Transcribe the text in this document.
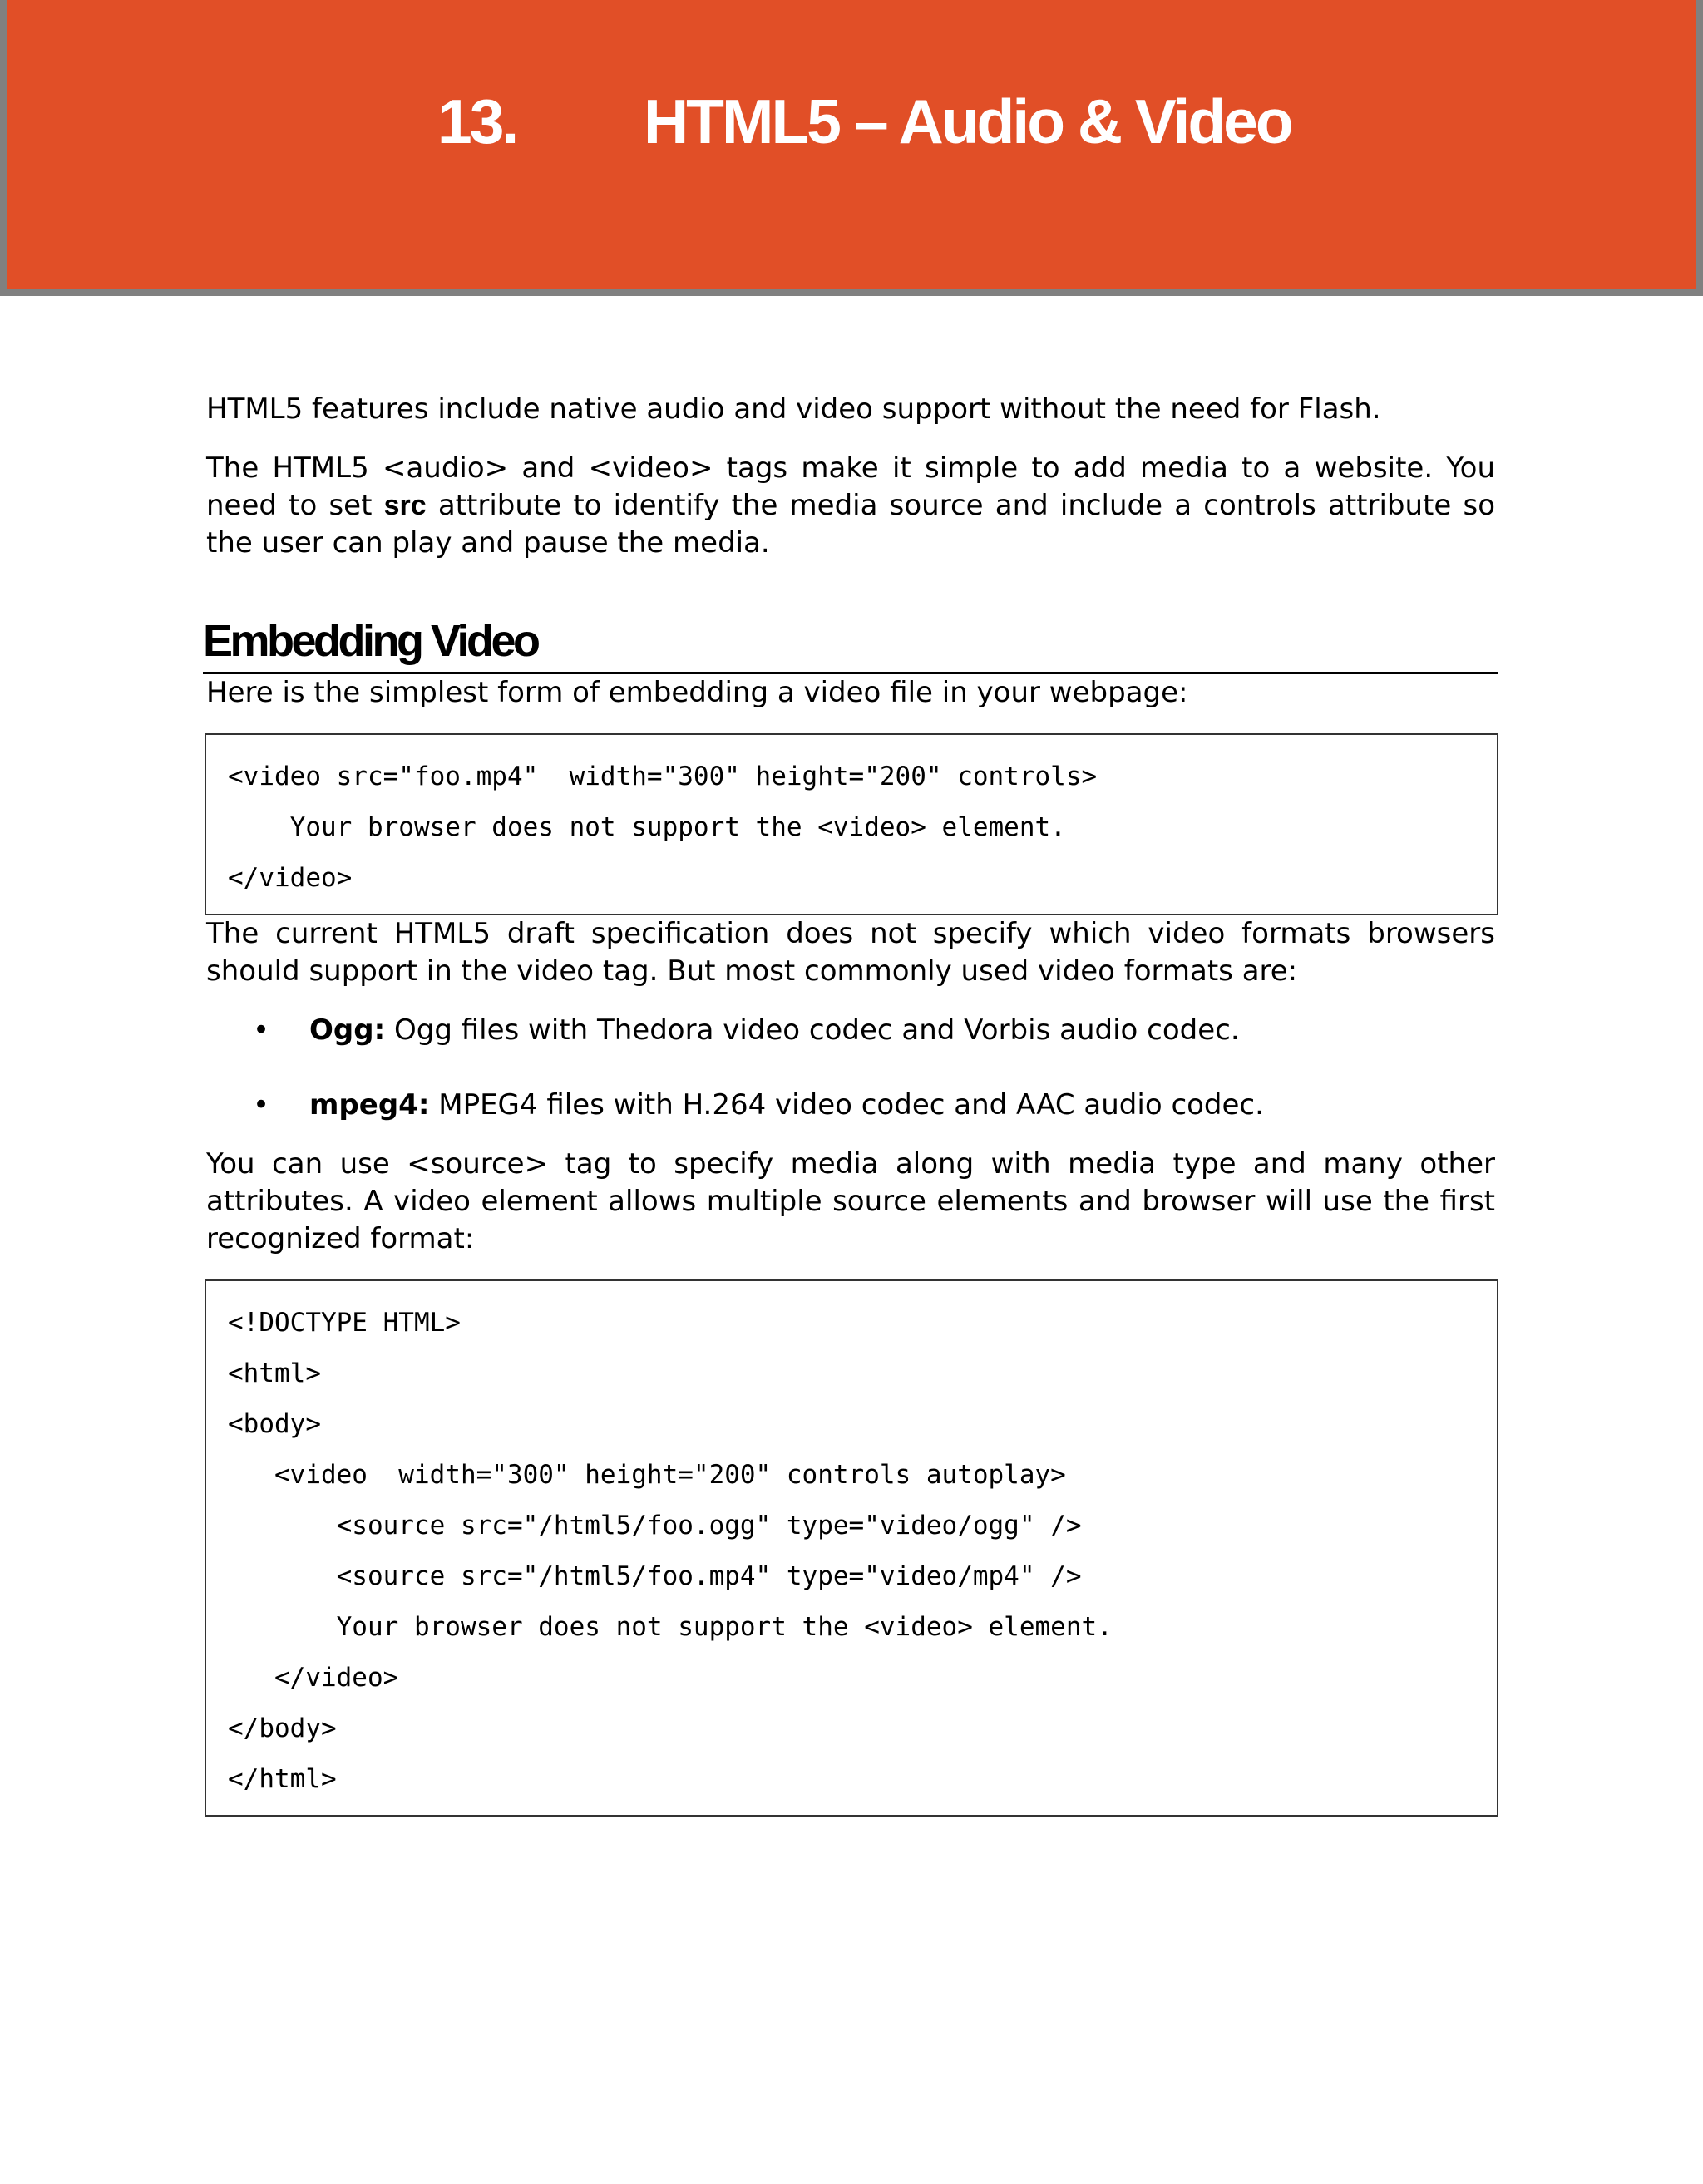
13. HTML5 – Audio & Video

HTML5 features include native audio and video support without the need for Flash.

The HTML5 <audio> and <video> tags make it simple to add media to a website. You need to set src attribute to identify the media source and include a controls attribute so the user can play and pause the media.

Embedding Video

Here is the simplest form of embedding a video file in your webpage:

<video src="foo.mp4"  width="300" height="200" controls>
Your browser does not support the <video> element.
</video>

The current HTML5 draft specification does not specify which video formats browsers should support in the video tag. But most commonly used video formats are:

• Ogg: Ogg files with Thedora video codec and Vorbis audio codec.
• mpeg4: MPEG4 files with H.264 video codec and AAC audio codec.

You can use <source> tag to specify media along with media type and many other attributes. A video element allows multiple source elements and browser will use the first recognized format:

<!DOCTYPE HTML>
<html>
<body>
<video  width="300" height="200" controls autoplay>
<source src="/html5/foo.ogg" type="video/ogg" />
<source src="/html5/foo.mp4" type="video/mp4" />
Your browser does not support the <video> element.
</video>
</body>
</html>
